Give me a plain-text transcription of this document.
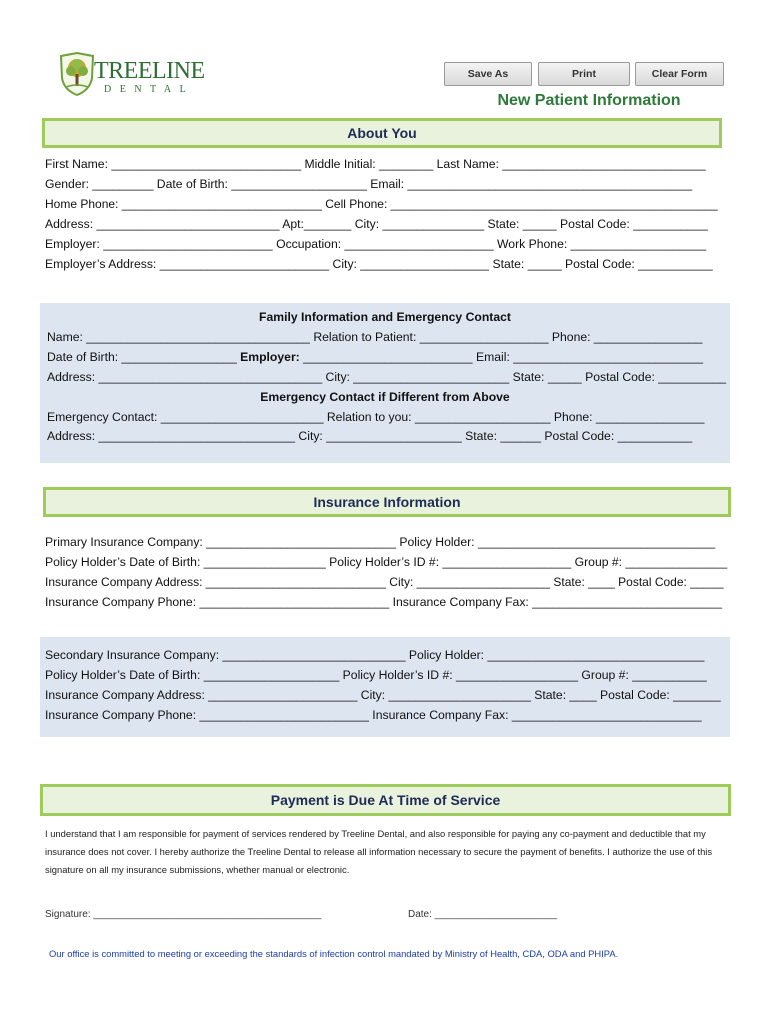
TREELINE
DENTAL
Save As	Print	Clear Form
New Patient Information
About You
First Name: ____________________________ Middle Initial: ________ Last Name: ______________________________
Gender: _________ Date of Birth: ____________________ Email: __________________________________________
Home Phone: ______________________________ Cell Phone: _________________________________________________
Address: ___________________________ Apt:_______ City: _______________ State: _____ Postal Code: ___________
Employer: _________________________ Occupation: ______________________ Work Phone: ____________________
Employer’s Address: _________________________ City: ___________________ State: _____ Postal Code: ___________
Family Information and Emergency Contact
Name: _________________________________ Relation to Patient: ___________________ Phone: ________________
Date of Birth: _________________ Employer: _________________________ Email: ____________________________
Address: _________________________________ City: _______________________ State: _____ Postal Code: __________
Emergency Contact if Different from Above
Emergency Contact: ________________________ Relation to you: ____________________ Phone: ________________
Address: _____________________________ City: ____________________ State: ______ Postal Code: ___________
Insurance Information
Primary Insurance Company: ____________________________ Policy Holder: ___________________________________
Policy Holder’s Date of Birth: __________________ Policy Holder’s ID #: ___________________ Group #: _______________
Insurance Company Address: ___________________________ City: ____________________ State: ____ Postal Code: _____
Insurance Company Phone: ____________________________ Insurance Company Fax: ____________________________
Secondary Insurance Company: ___________________________ Policy Holder: ________________________________
Policy Holder’s Date of Birth: ____________________ Policy Holder’s ID #: __________________ Group #: ___________
Insurance Company Address: ______________________ City: _____________________ State: ____ Postal Code: _______
Insurance Company Phone: _________________________ Insurance Company Fax: ____________________________
Payment is Due At Time of Service
I understand that I am responsible for payment of services rendered by Treeline Dental, and also responsible for paying any co-payment and deductible that my insurance does not cover. I hereby authorize the Treeline Dental to release all information necessary to secure the payment of benefits. I authorize the use of this signature on all my insurance submissions, whether manual or electronic.
Signature: _________________________________________	Date: ______________________
Our office is committed to meeting or exceeding the standards of infection control mandated by Ministry of Health, CDA, ODA and PHIPA.
